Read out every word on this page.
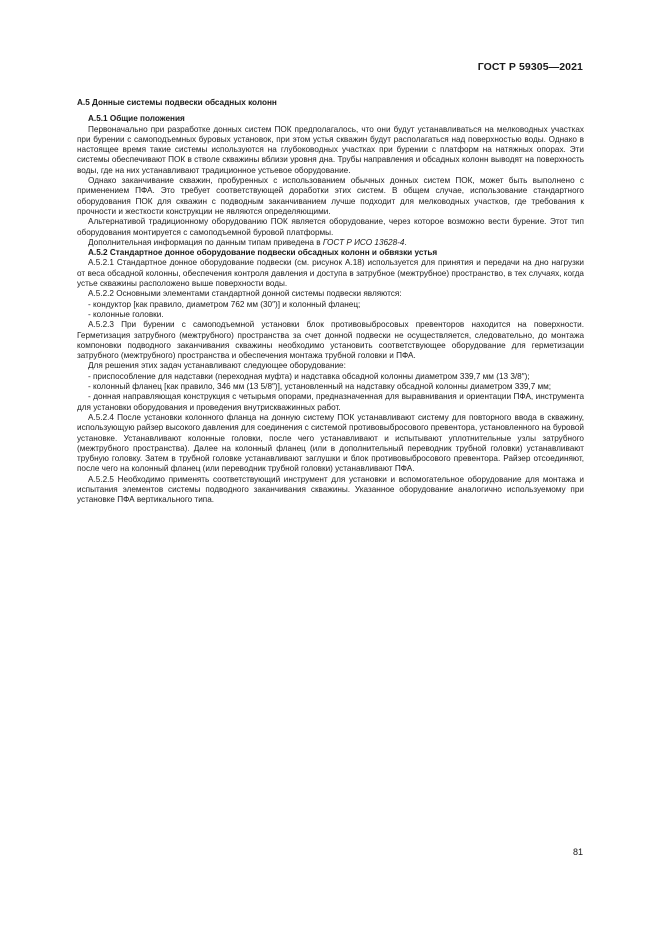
ГОСТ Р 59305—2021
А.5 Донные системы подвески обсадных колонн
А.5.1 Общие положения

Первоначально при разработке донных систем ПОК предполагалось, что они будут устанавливаться на мелководных участках при бурении с самоподъемных буровых установок, при этом устья скважин будут располагаться над поверхностью воды. Однако в настоящее время такие системы используются на глубоководных участках при бурении с платформ на натяжных опорах. Эти системы обеспечивают ПОК в стволе скважины вблизи уровня дна. Трубы направления и обсадных колонн выводят на поверхность воды, где на них устанавливают традиционное устьевое оборудование.

Однако заканчивание скважин, пробуренных с использованием обычных донных систем ПОК, может быть выполнено с применением ПФА. Это требует соответствующей доработки этих систем. В общем случае, использование стандартного оборудования ПОК для скважин с подводным заканчиванием лучше подходит для мелководных участков, где требования к прочности и жесткости конструкции не являются определяющими.

Альтернативой традиционному оборудованию ПОК является оборудование, через которое возможно вести бурение. Этот тип оборудования монтируется с самоподъемной буровой платформы.

Дополнительная информация по данным типам приведена в ГОСТ Р ИСО 13628-4.

А.5.2 Стандартное донное оборудование подвески обсадных колонн и обвязки устья

А.5.2.1 Стандартное донное оборудование подвески (см. рисунок А.18) используется для принятия и передачи на дно нагрузки от веса обсадной колонны, обеспечения контроля давления и доступа в затрубное (межтрубное) пространство, в тех случаях, когда устье скважины расположено выше поверхности воды.

А.5.2.2 Основными элементами стандартной донной системы подвески являются:

- кондуктор [как правило, диаметром 762 мм (30″)] и колонный фланец;

- колонные головки.

А.5.2.3 При бурении с самоподъемной установки блок противовыбросовых превенторов находится на поверхности. Герметизация затрубного (межтрубного) пространства за счет донной подвески не осуществляется, следовательно, до монтажа компоновки подводного заканчивания скважины необходимо установить соответствующее оборудование для герметизации затрубного (межтрубного) пространства и обеспечения монтажа трубной головки и ПФА.

Для решения этих задач устанавливают следующее оборудование:

- приспособление для надставки (переходная муфта) и надставка обсадной колонны диаметром 339,7 мм (13 3/8″);

- колонный фланец [как правило, 346 мм (13 5/8″)], установленный на надставку обсадной колонны диаметром 339,7 мм;

- донная направляющая конструкция с четырьмя опорами, предназначенная для выравнивания и ориентации ПФА, инструмента для установки оборудования и проведения внутрискважинных работ.

А.5.2.4 После установки колонного фланца на донную систему ПОК устанавливают систему для повторного ввода в скважину, использующую райзер высокого давления для соединения с системой противовыбросового превентора, установленного на буровой установке. Устанавливают колонные головки, после чего устанавливают и испытывают уплотнительные узлы затрубного (межтрубного пространства). Далее на колонный фланец (или в дополнительный переводник трубной головки) устанавливают трубную головку. Затем в трубной головке устанавливают заглушки и блок противовыбросового превентора. Райзер отсоединяют, после чего на колонный фланец (или переводник трубной головки) устанавливают ПФА.

А.5.2.5 Необходимо применять соответствующий инструмент для установки и вспомогательное оборудование для монтажа и испытания элементов системы подводного заканчивания скважины. Указанное оборудование аналогично используемому при установке ПФА вертикального типа.

81
